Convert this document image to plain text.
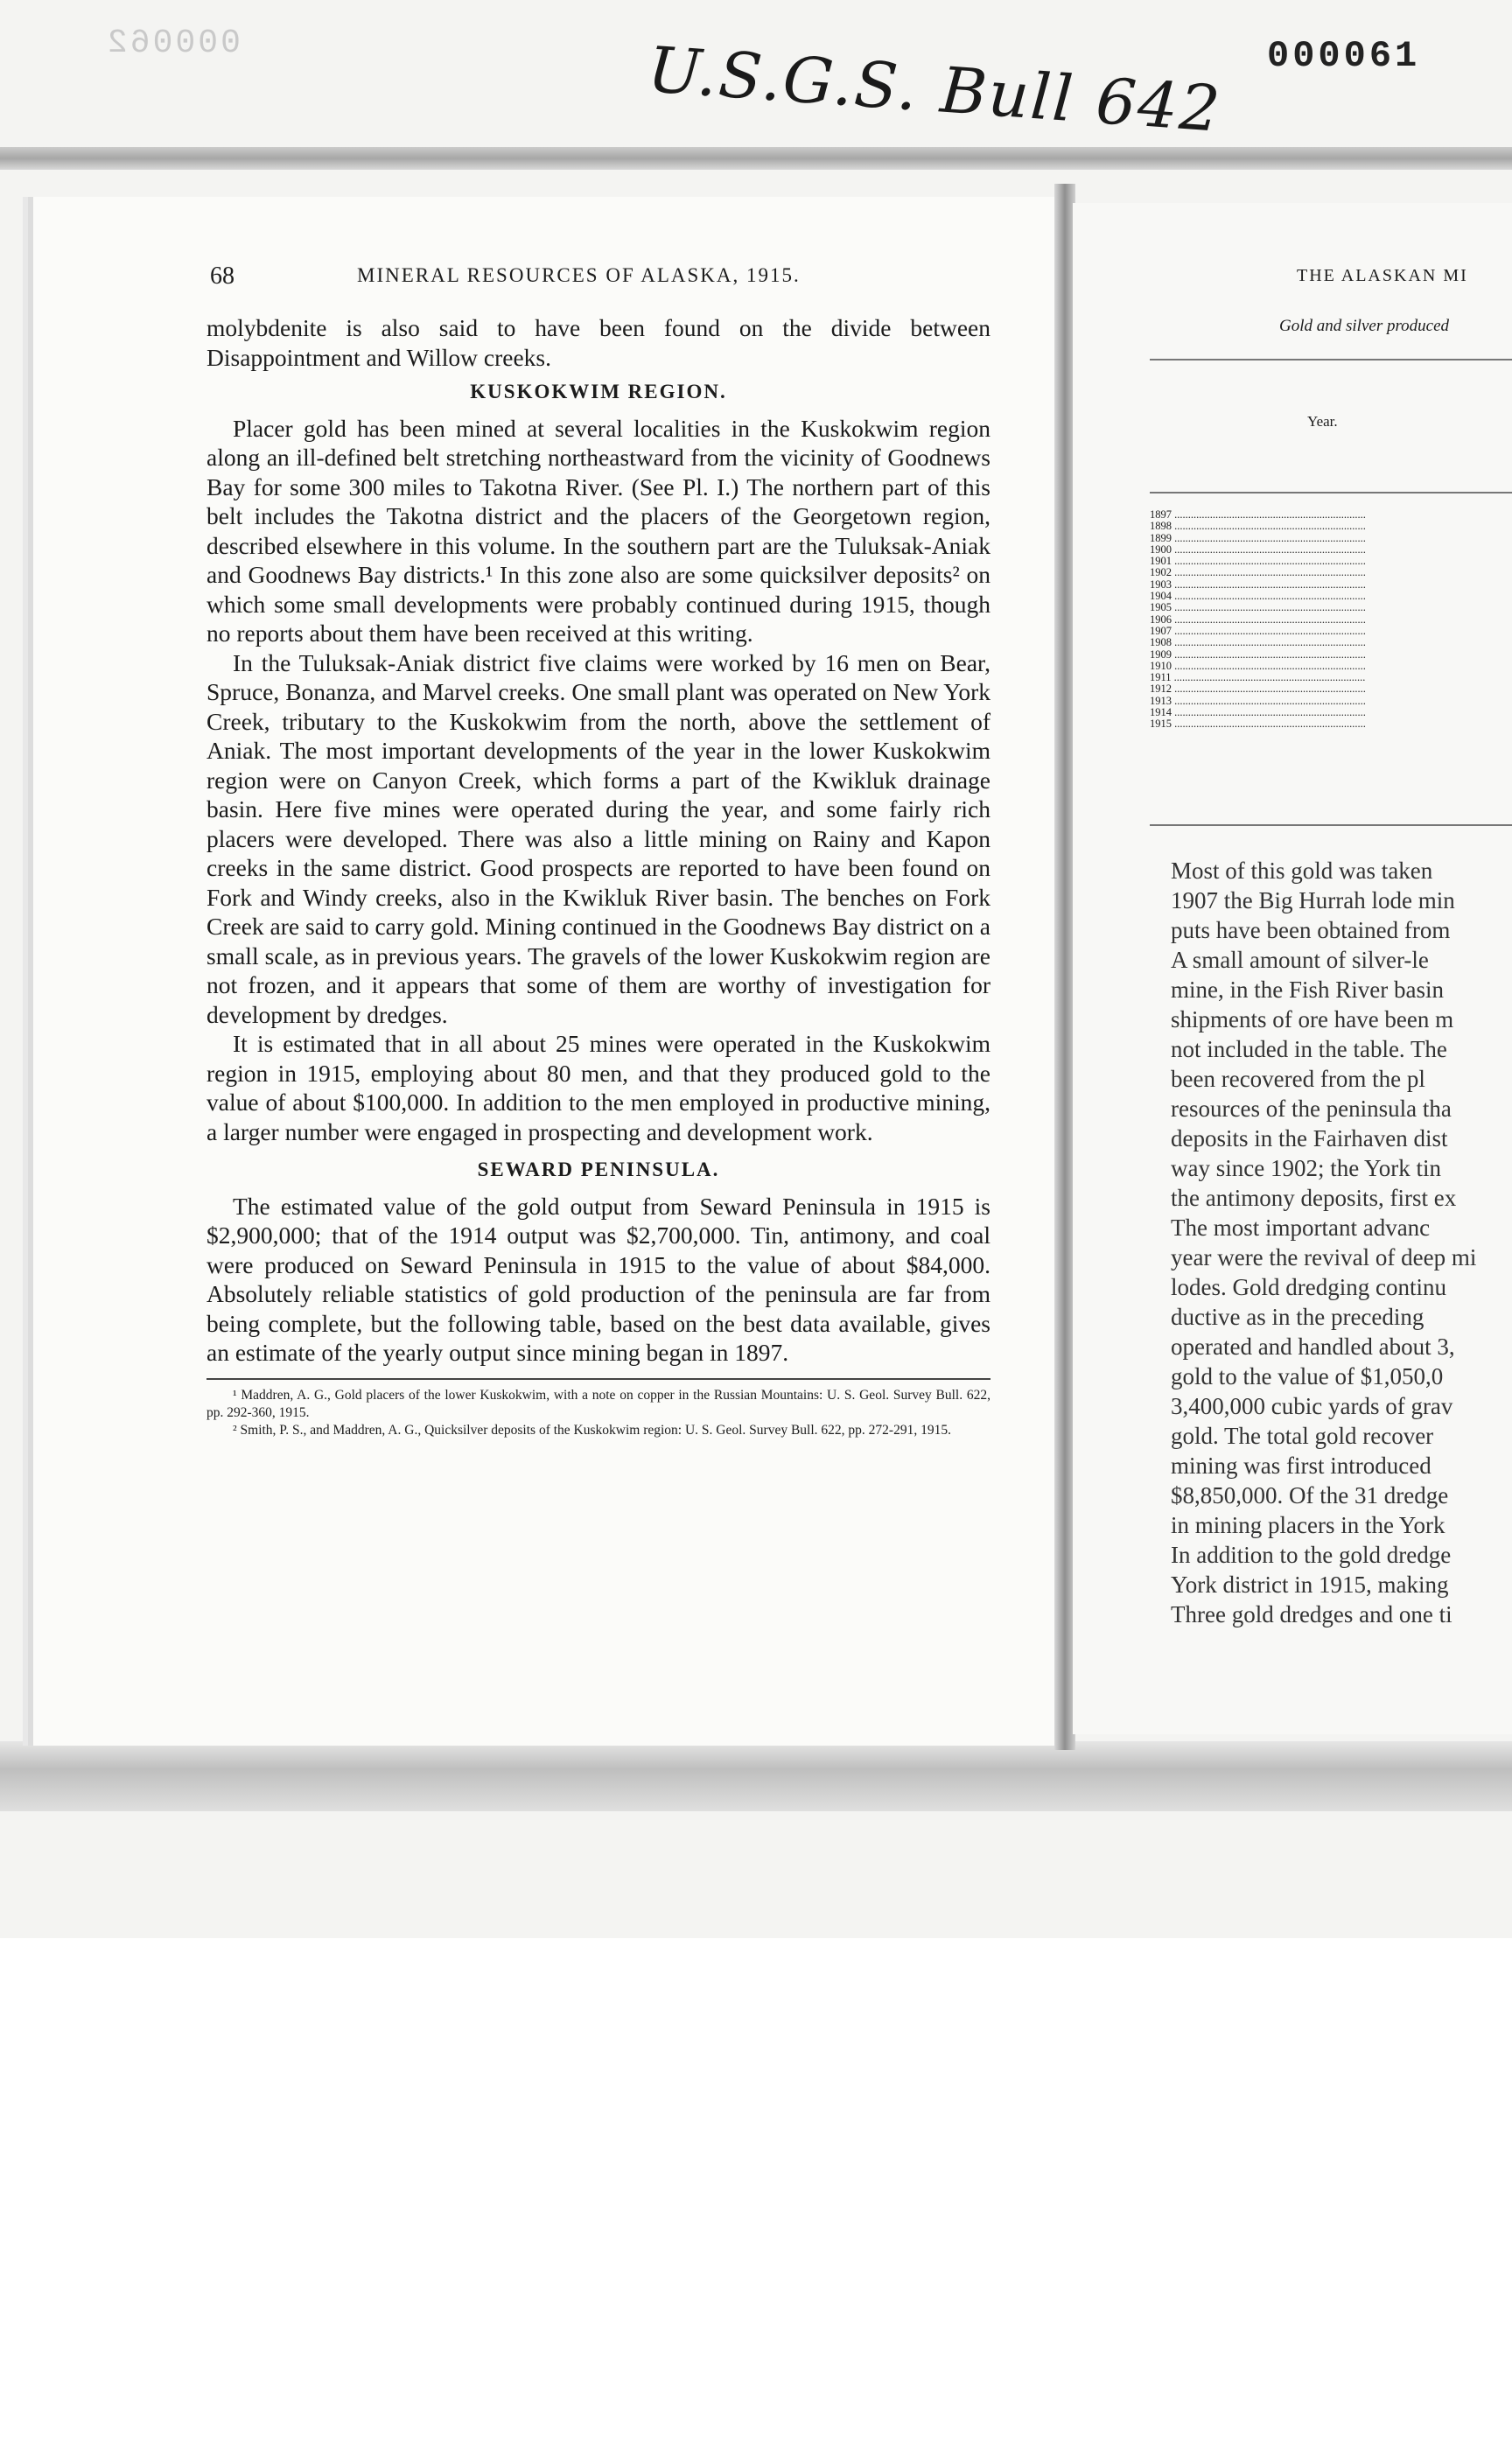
000062	000061
U.S.G.S. Bull 642
68	MINERAL RESOURCES OF ALASKA, 1915.

molybdenite is also said to have been found on the divide between Disappointment and Willow creeks.

KUSKOKWIM REGION.

Placer gold has been mined at several localities in the Kuskokwim region along an ill-defined belt stretching northeastward from the vicinity of Goodnews Bay for some 300 miles to Takotna River. (See Pl. I.) The northern part of this belt includes the Takotna district and the placers of the Georgetown region, described elsewhere in this volume. In the southern part are the Tuluksak-Aniak and Goodnews Bay districts.¹ In this zone also are some quicksilver deposits² on which some small developments were probably continued during 1915, though no reports about them have been received at this writing.

In the Tuluksak-Aniak district five claims were worked by 16 men on Bear, Spruce, Bonanza, and Marvel creeks. One small plant was operated on New York Creek, tributary to the Kuskokwim from the north, above the settlement of Aniak. The most important developments of the year in the lower Kuskokwim region were on Canyon Creek, which forms a part of the Kwikluk drainage basin. Here five mines were operated during the year, and some fairly rich placers were developed. There was also a little mining on Rainy and Kapon creeks in the same district. Good prospects are reported to have been found on Fork and Windy creeks, also in the Kwikluk River basin. The benches on Fork Creek are said to carry gold. Mining continued in the Goodnews Bay district on a small scale, as in previous years. The gravels of the lower Kuskokwim region are not frozen, and it appears that some of them are worthy of investigation for development by dredges.

It is estimated that in all about 25 mines were operated in the Kuskokwim region in 1915, employing about 80 men, and that they produced gold to the value of about $100,000. In addition to the men employed in productive mining, a larger number were engaged in prospecting and development work.

SEWARD PENINSULA.

The estimated value of the gold output from Seward Peninsula in 1915 is $2,900,000; that of the 1914 output was $2,700,000. Tin, antimony, and coal were produced on Seward Peninsula in 1915 to the value of about $84,000. Absolutely reliable statistics of gold production of the peninsula are far from being complete, but the following table, based on the best data available, gives an estimate of the yearly output since mining began in 1897.

¹ Maddren, A. G., Gold placers of the lower Kuskokwim, with a note on copper in the Russian Mountains: U. S. Geol. Survey Bull. 622, pp. 292-360, 1915.

² Smith, P. S., and Maddren, A. G., Quicksilver deposits of the Kuskokwim region: U. S. Geol. Survey Bull. 622, pp. 272-291, 1915.

THE ALASKAN MI
Gold and silver produced
Year.
1897 ......................................................................
1898 ......................................................................
1899 ......................................................................
1900 ......................................................................
1901 ......................................................................
1902 ......................................................................
1903 ......................................................................
1904 ......................................................................
1905 ......................................................................
1906 ......................................................................
1907 ......................................................................
1908 ......................................................................
1909 ......................................................................
1910 ......................................................................
1911 ......................................................................
1912 ......................................................................
1913 ......................................................................
1914 ......................................................................
1915 ......................................................................
Most of this gold was taken
1907 the Big Hurrah lode min
puts have been obtained from
A small amount of silver-le
mine, in the Fish River basin
shipments of ore have been m
not included in the table. The
been recovered from the pl
resources of the peninsula tha
deposits in the Fairhaven dist
way since 1902; the York tin
the antimony deposits, first ex
The most important advanc
year were the revival of deep mi
lodes. Gold dredging continu
ductive as in the preceding
operated and handled about 3,
gold to the value of $1,050,0
3,400,000 cubic yards of grav
gold. The total gold recover
mining was first introduced
$8,850,000. Of the 31 dredge
in mining placers in the York
In addition to the gold dredge
York district in 1915, making
Three gold dredges and one ti
